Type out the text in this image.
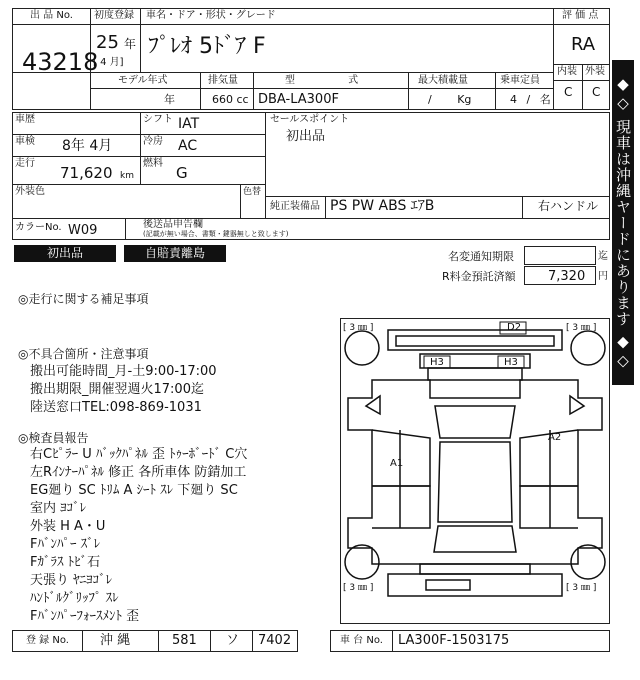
出 品 No.
43218
初度登録
25 年
[ 4 月]
車名・ドア・形状・グレード
ﾌﾟﾚｵ 5ﾄﾞｱ F
評 価 点
RA
内装 外装
C C
モデル年式	排気量	型 式	最大積載量	乗車定員
年	660 cc DBA-LA300F	/ Kg	4 / 名
車歴	シフト IAT
車検 8年 4月	冷房 AC
走行
71,620 km
燃料
G
外装色	色替
セールスポイント
初出品
純正装備品 PS PW ABS ｴｱB	右ハンドル
カラーNo. W09	後送品申告欄
(記載が無い場合、書類・鍵器無しと致します)
初出品	自賠責離島	◆◇ 現車は沖縄ヤードにあります ◆◇
名変通知期限	迄
R料金預託済額 7,320 円
◎走行に関する補足事項
◎不具合箇所・注意事項
搬出可能時間_月-土9:00-17:00
搬出期限_開催翌週火17:00迄
陸送窓口TEL:098-869-1031
◎検査員報告
右Cﾋﾟﾗｰ U ﾊﾞｯｸﾊﾟﾈﾙ 歪 ﾄｩｰﾎﾞｰﾄﾞ C穴
左Rｲﾝﾅｰﾊﾟﾈﾙ 修正 各所車体 防錆加工
EG廻り SC ﾄﾘﾑ A ｼｰﾄ ｽﾚ 下廻り SC
室内 ﾖｺﾞﾚ
外装 H A・U
Fﾊﾞﾝﾊﾟｰ ｽﾞﾚ
Fｶﾞﾗｽ ﾄﾋﾞ石
天張り ﾔﾆﾖｺﾞﾚ
ﾊﾝﾄﾞﾙｸﾞﾘｯﾌﾟ ｽﾚ
Fﾊﾞﾝﾊﾟｰﾌｫｰｽﾒﾝﾄ 歪
[ 3 ㎜ ]	[ 3 ㎜ ]
[ 3 ㎜ ]	[ 3 ㎜ ]
D2
H3	H3
A2
A1
登 録 No. 沖 縄	581 ソ 7402	車 台 No. LA300F-1503175
